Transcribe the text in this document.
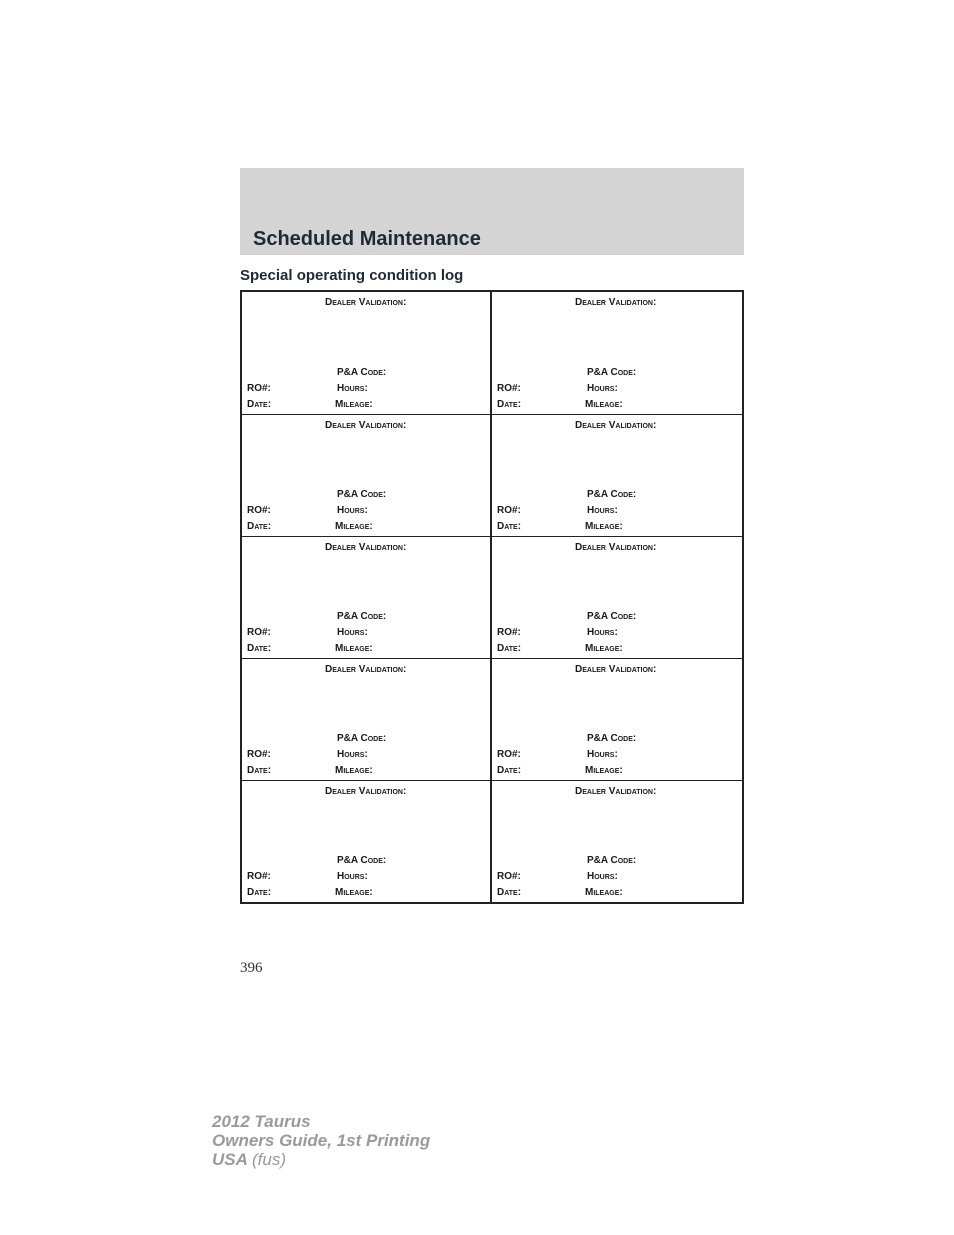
Scheduled Maintenance
Special operating condition log
Dealer Validation:
P&A Code:
RO#:	Hours:
Date:	Mileage:
Dealer Validation:
P&A Code:
RO#:	Hours:
Date:	Mileage:
Dealer Validation:
P&A Code:
RO#:	Hours:
Date:	Mileage:
Dealer Validation:
P&A Code:
RO#:	Hours:
Date:	Mileage:
Dealer Validation:
P&A Code:
RO#:	Hours:
Date:	Mileage:
Dealer Validation:
P&A Code:
RO#:	Hours:
Date:	Mileage:
Dealer Validation:
P&A Code:
RO#:	Hours:
Date:	Mileage:
Dealer Validation:
P&A Code:
RO#:	Hours:
Date:	Mileage:
Dealer Validation:
P&A Code:
RO#:	Hours:
Date:	Mileage:
Dealer Validation:
P&A Code:
RO#:	Hours:
Date:	Mileage:
396
2012 Taurus
Owners Guide, 1st Printing
USA (fus)
